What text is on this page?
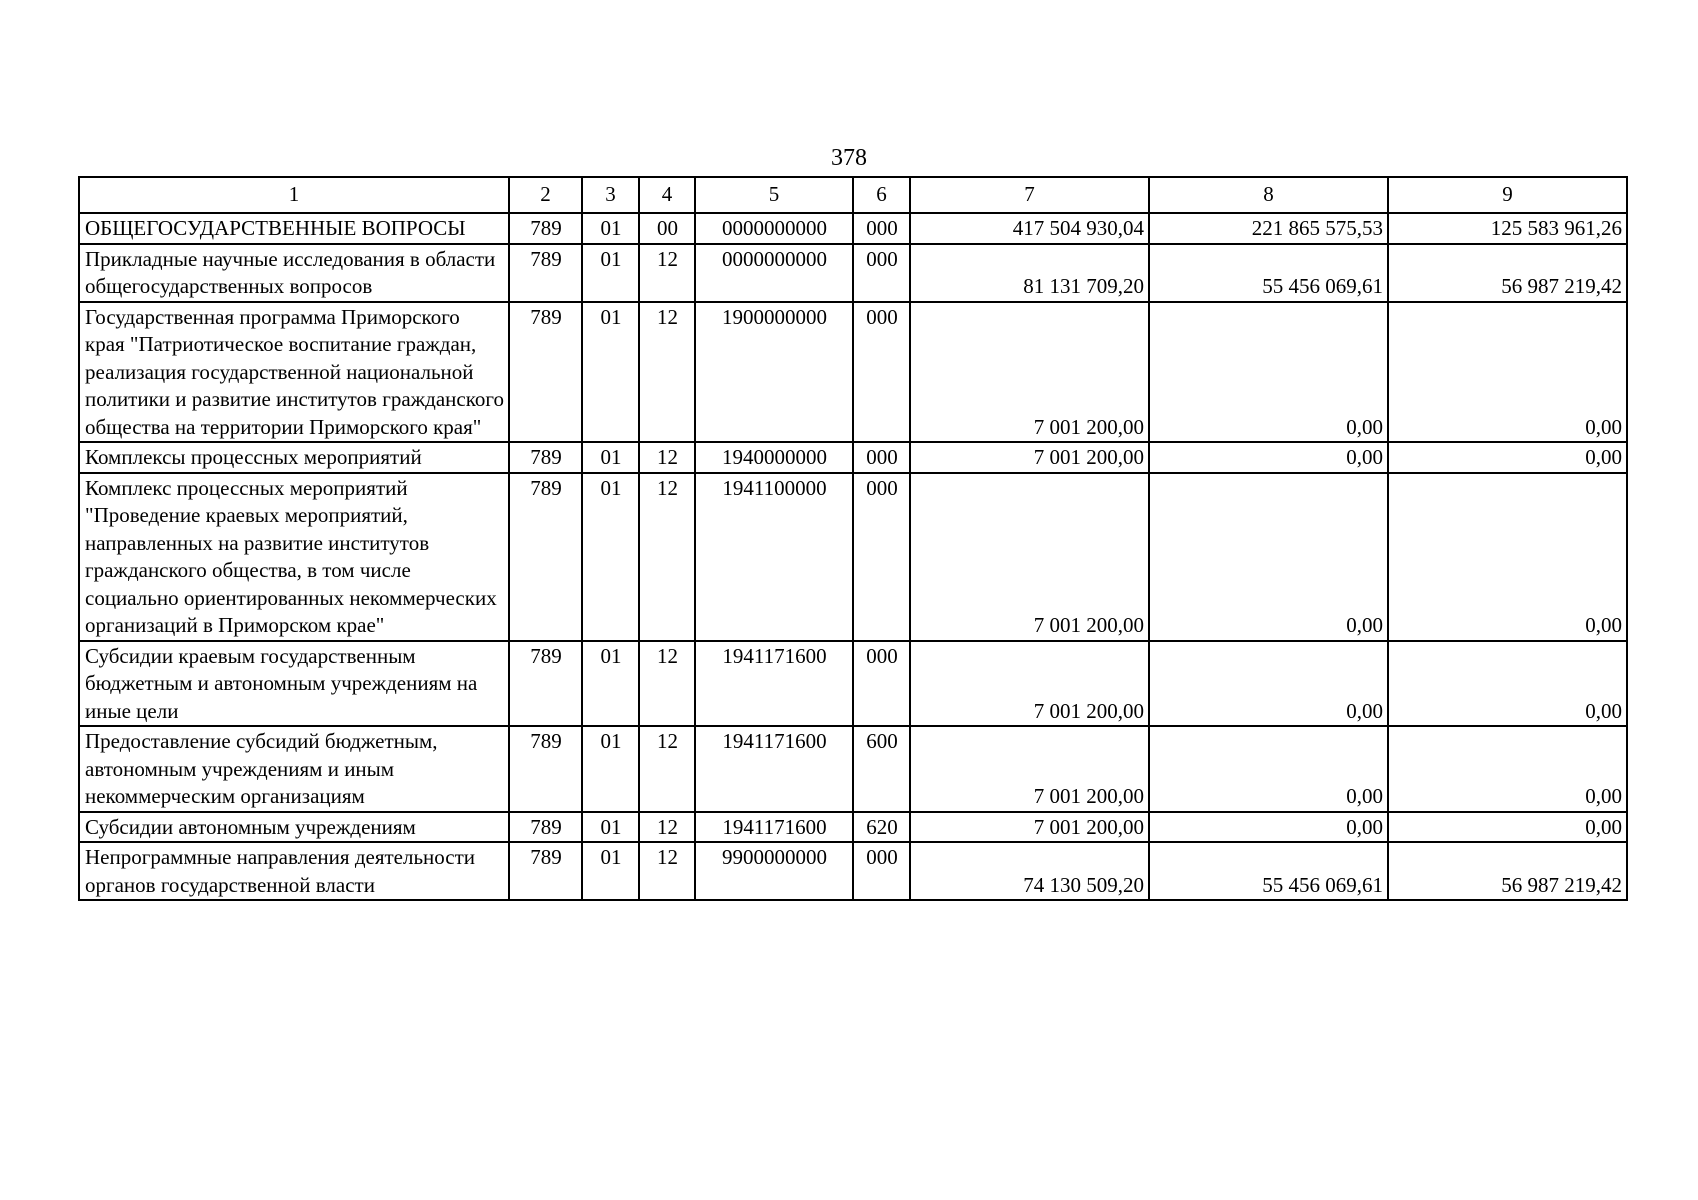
378
1	2	3	4	5	6	7	8	9
ОБЩЕГОСУДАРСТВЕННЫЕ ВОПРОСЫ	789	01	00	0000000000	000	417 504 930,04	221 865 575,53	125 583 961,26
Прикладные научные исследования в области общегосударственных вопросов	789	01	12	0000000000	000	81 131 709,20	55 456 069,61	56 987 219,42
Государственная программа Приморского края "Патриотическое воспитание граждан, реализация государственной национальной политики и развитие институтов гражданского общества на территории Приморского края"	789	01	12	1900000000	000	7 001 200,00	0,00	0,00
Комплексы процессных мероприятий	789	01	12	1940000000	000	7 001 200,00	0,00	0,00
Комплекс процессных мероприятий "Проведение краевых мероприятий, направленных на развитие институтов гражданского общества, в том числе социально ориентированных некоммерческих организаций в Приморском крае"	789	01	12	1941100000	000	7 001 200,00	0,00	0,00
Субсидии краевым государственным бюджетным и автономным учреждениям на иные цели	789	01	12	1941171600	000	7 001 200,00	0,00	0,00
Предоставление субсидий бюджетным, автономным учреждениям и иным некоммерческим организациям	789	01	12	1941171600	600	7 001 200,00	0,00	0,00
Субсидии автономным учреждениям	789	01	12	1941171600	620	7 001 200,00	0,00	0,00
Непрограммные направления деятельности органов государственной власти	789	01	12	9900000000	000	74 130 509,20	55 456 069,61	56 987 219,42
